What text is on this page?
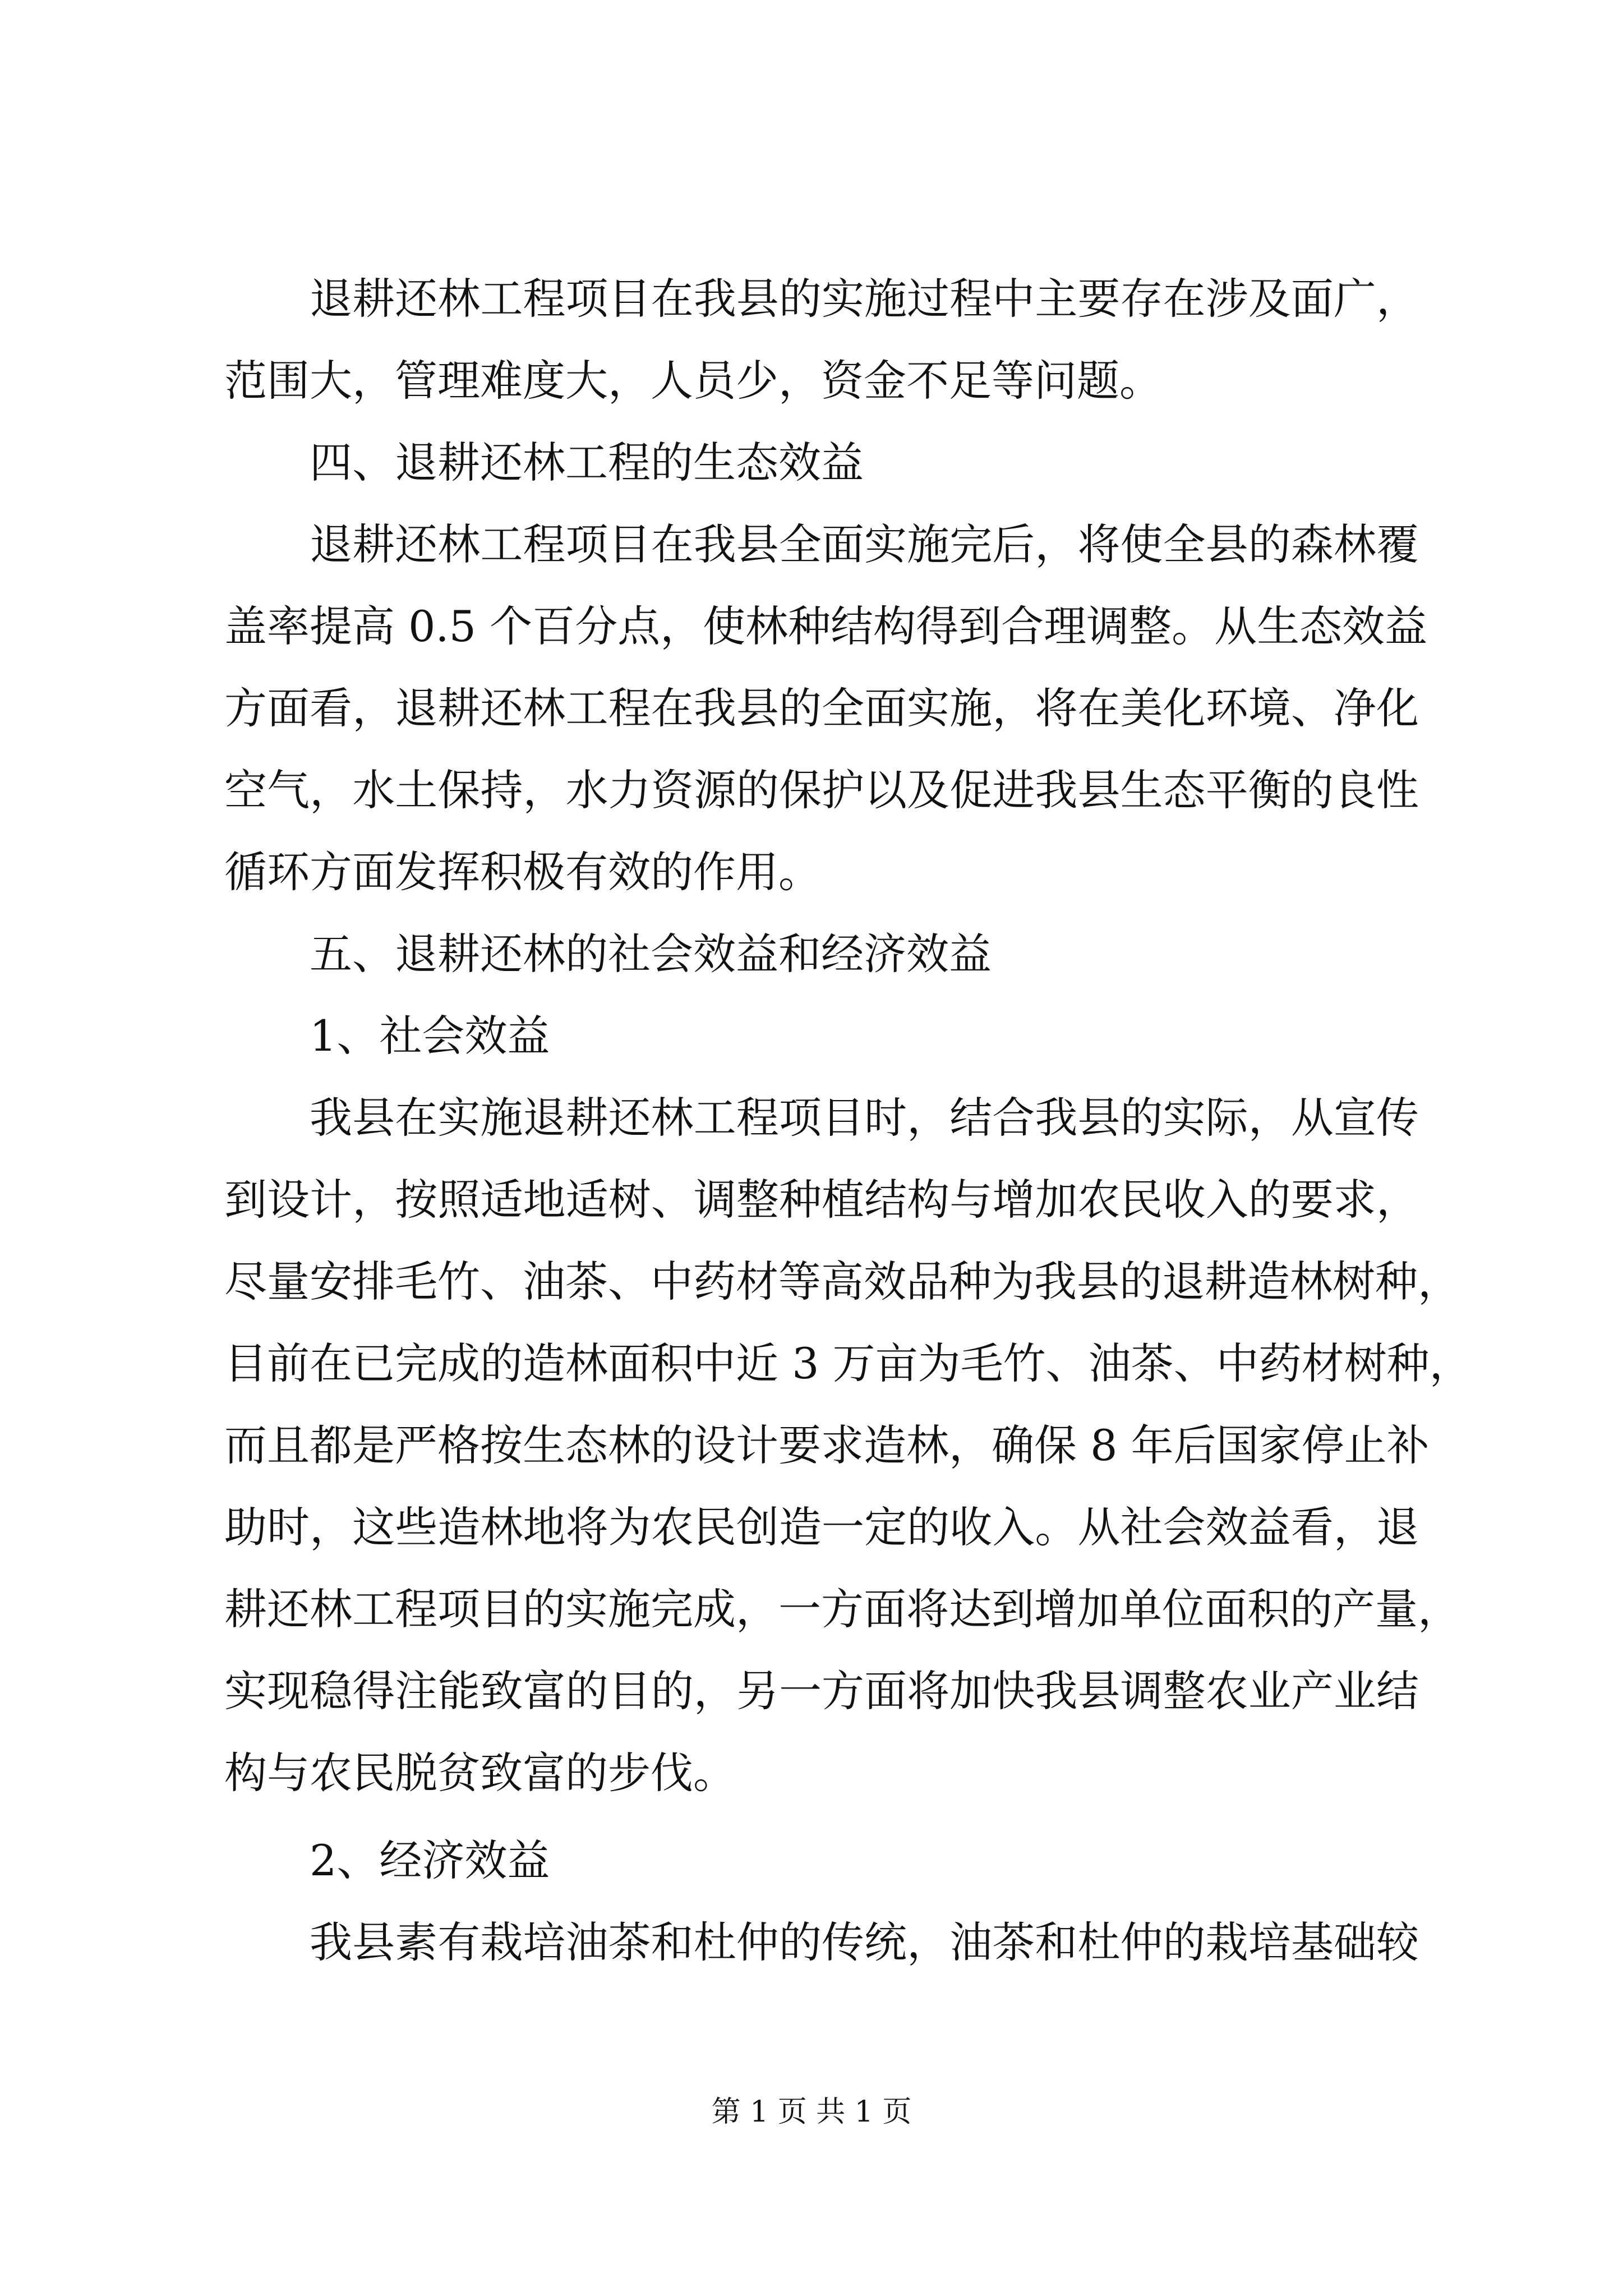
退耕还林工程项目在我县的实施过程中主要存在涉及面广，
范围大，管理难度大，人员少，资金不足等问题。
四、退耕还林工程的生态效益
退耕还林工程项目在我县全面实施完后，将使全县的森林覆
盖率提高 0.5 个百分点，使林种结构得到合理调整。从生态效益
方面看，退耕还林工程在我县的全面实施，将在美化环境、净化
空气，水土保持，水力资源的保护以及促进我县生态平衡的良性
循环方面发挥积极有效的作用。
五、退耕还林的社会效益和经济效益
1、社会效益
我县在实施退耕还林工程项目时，结合我县的实际，从宣传
到设计，按照适地适树、调整种植结构与增加农民收入的要求，
尽量安排毛竹、油茶、中药材等高效品种为我县的退耕造林树种，
目前在已完成的造林面积中近 3 万亩为毛竹、油茶、中药材树种，
而且都是严格按生态林的设计要求造林，确保 8 年后国家停止补
助时，这些造林地将为农民创造一定的收入。从社会效益看，退
耕还林工程项目的实施完成，一方面将达到增加单位面积的产量，
实现稳得注能致富的目的，另一方面将加快我县调整农业产业结
构与农民脱贫致富的步伐。
2、经济效益
我县素有栽培油茶和杜仲的传统，油茶和杜仲的栽培基础较
第 1 页 共 1 页
